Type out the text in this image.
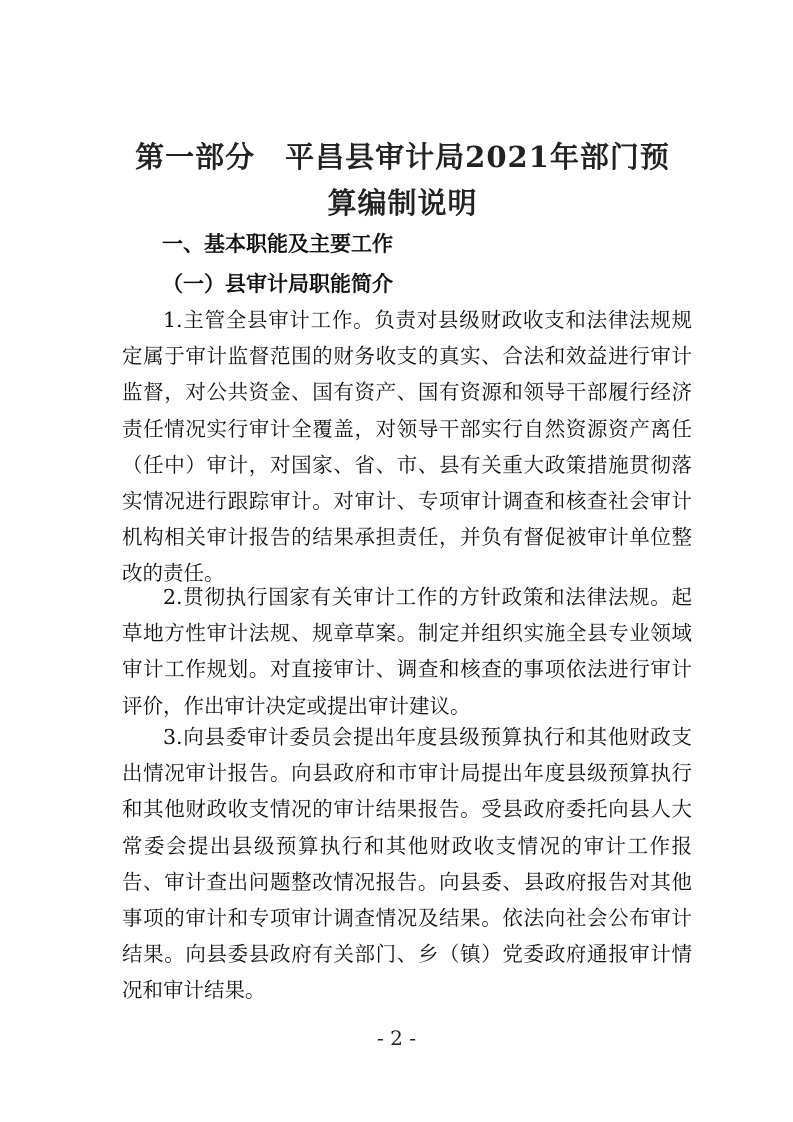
第一部分　平昌县审计局2021年部门预
算编制说明
一、基本职能及主要工作
（一）县审计局职能简介

1.主管全县审计工作。负责对县级财政收支和法律法规规定属于审计监督范围的财务收支的真实、合法和效益进行审计监督，对公共资金、国有资产、国有资源和领导干部履行经济责任情况实行审计全覆盖，对领导干部实行自然资源资产离任（任中）审计，对国家、省、市、县有关重大政策措施贯彻落实情况进行跟踪审计。对审计、专项审计调查和核查社会审计机构相关审计报告的结果承担责任，并负有督促被审计单位整改的责任。

2.贯彻执行国家有关审计工作的方针政策和法律法规。起草地方性审计法规、规章草案。制定并组织实施全县专业领域审计工作规划。对直接审计、调查和核查的事项依法进行审计评价，作出审计决定或提出审计建议。

3.向县委审计委员会提出年度县级预算执行和其他财政支出情况审计报告。向县政府和市审计局提出年度县级预算执行和其他财政收支情况的审计结果报告。受县政府委托向县人大常委会提出县级预算执行和其他财政收支情况的审计工作报告、审计查出问题整改情况报告。向县委、县政府报告对其他事项的审计和专项审计调查情况及结果。依法向社会公布审计结果。向县委县政府有关部门、乡（镇）党委政府通报审计情况和审计结果。

- 2 -
